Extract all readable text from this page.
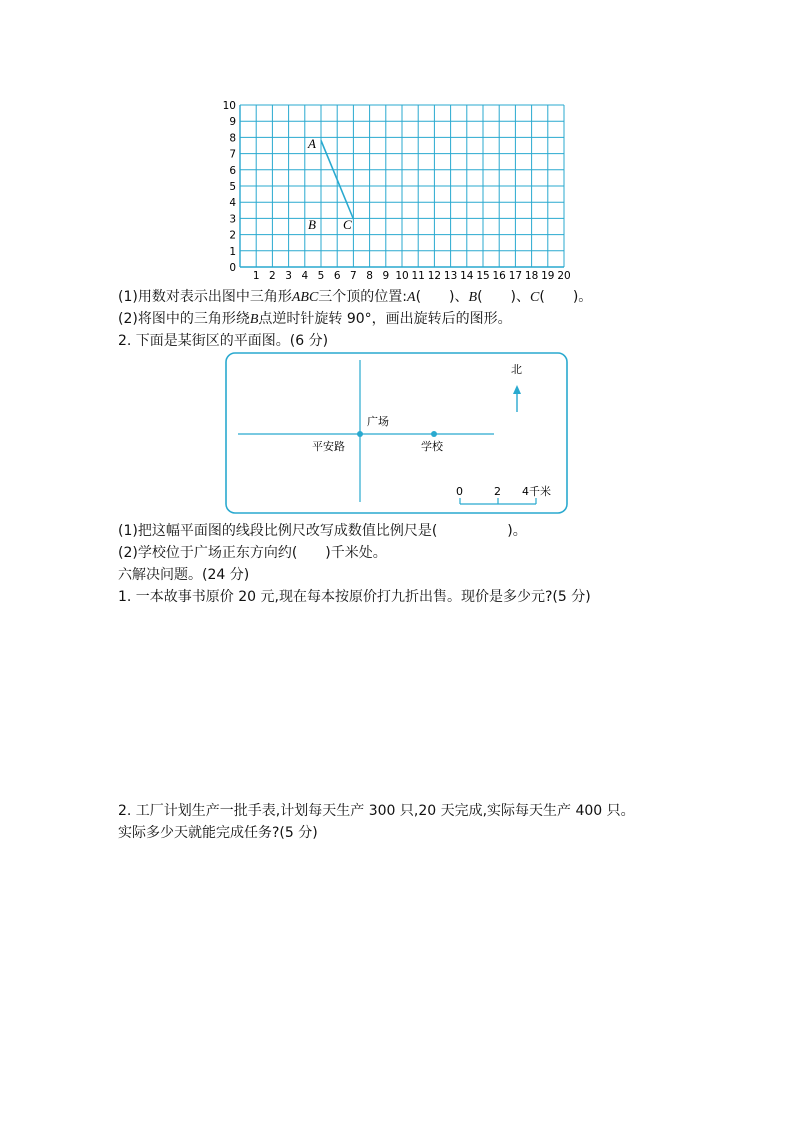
1 2 3 4 5 6 7 8 9 10 11 12 13 14 15 16 17 18 19 20
0
1
2
3
4
5
6
7
8
9
10
A
B C
(1)用数对表示出图中三角形ABC三个顶的位置:A(　　)、B(　　)、C(　　)。
(2)将图中的三角形绕B点逆时针旋转 90°，画出旋转后的图形。
2. 下面是某街区的平面图。(6 分)
广场
平安路	学校
北
0	2 4千米
(1)把这幅平面图的线段比例尺改写成数值比例尺是(　　　　　)。
(2)学校位于广场正东方向约(　　)千米处。
六解决问题。(24 分)
1. 一本故事书原价 20 元,现在每本按原价打九折出售。现价是多少元?(5 分)
2. 工厂计划生产一批手表,计划每天生产 300 只,20 天完成,实际每天生产 400 只。
实际多少天就能完成任务?(5 分)
